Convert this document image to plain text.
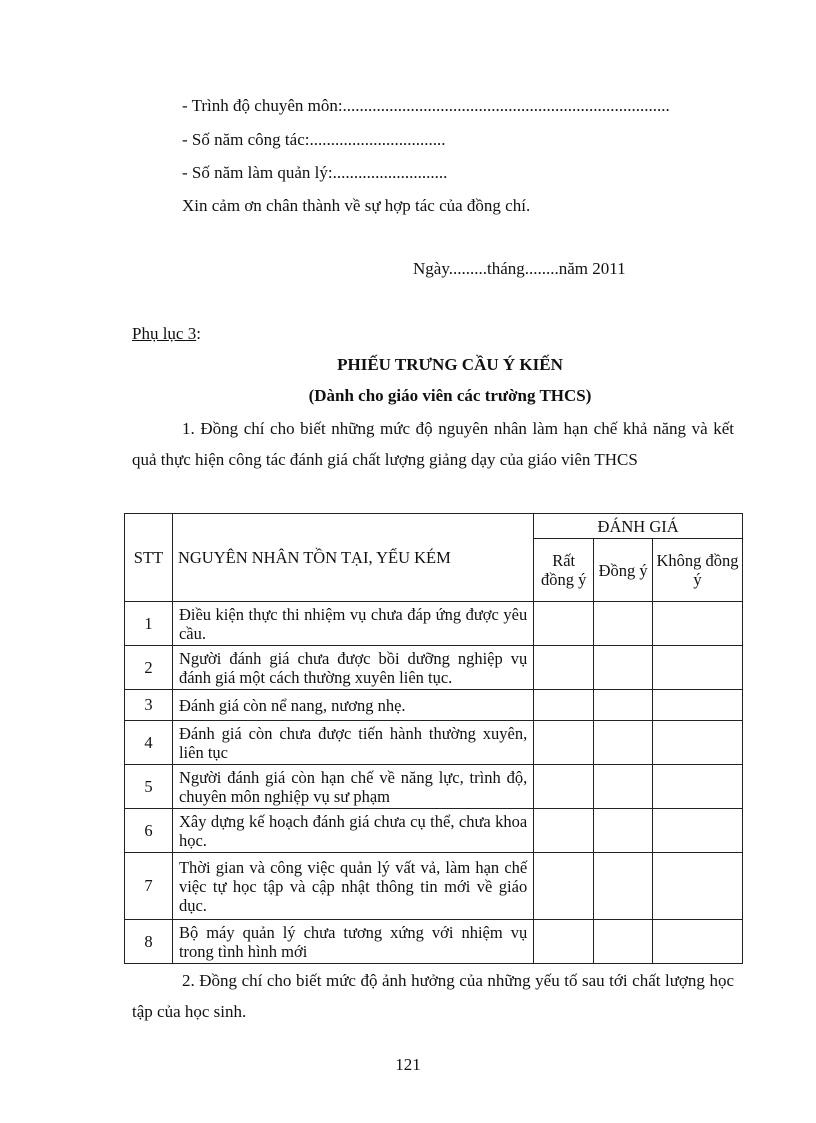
- Trình độ chuyên môn:.............................................................................
- Số năm công tác:................................
- Số năm làm quản lý:...........................
Xin cảm ơn chân thành về sự hợp tác của đồng chí.
Ngày.........tháng........năm 2011
Phụ lục 3:
PHIẾU TRƯNG CẦU Ý KIẾN
(Dành cho giáo viên các trường THCS)
1. Đồng chí cho biết những mức độ nguyên nhân làm hạn chế khả năng và kết quả thực hiện công tác đánh giá chất lượng giảng dạy của giáo viên THCS
STT	NGUYÊN NHÂN TỒN TẠI, YẾU KÉM	ĐÁNH GIÁ		
		Rất đồng ý	Đồng ý	Không đồng ý
1	Điều kiện thực thi nhiệm vụ chưa đáp ứng được yêu cầu.			
2	Người đánh giá chưa được bồi dưỡng nghiệp vụ đánh giá một cách thường xuyên liên tục.			
3	Đánh giá còn nể nang, nương nhẹ.			
4	Đánh giá còn chưa được tiến hành thường xuyên, liên tục			
5	Người đánh giá còn hạn chế về năng lực, trình độ, chuyên môn nghiệp vụ sư phạm			
6	Xây dựng kế hoạch đánh giá chưa cụ thể, chưa khoa học.			
7	Thời gian và công việc quản lý vất vả, làm hạn chế việc tự học tập và cập nhật thông tin mới về giáo dục.			
8	Bộ máy quản lý chưa tương xứng với nhiệm vụ trong tình hình mới			
2. Đồng chí cho biết mức độ ảnh hưởng của những yếu tố sau tới chất lượng học tập của học sinh.
121
